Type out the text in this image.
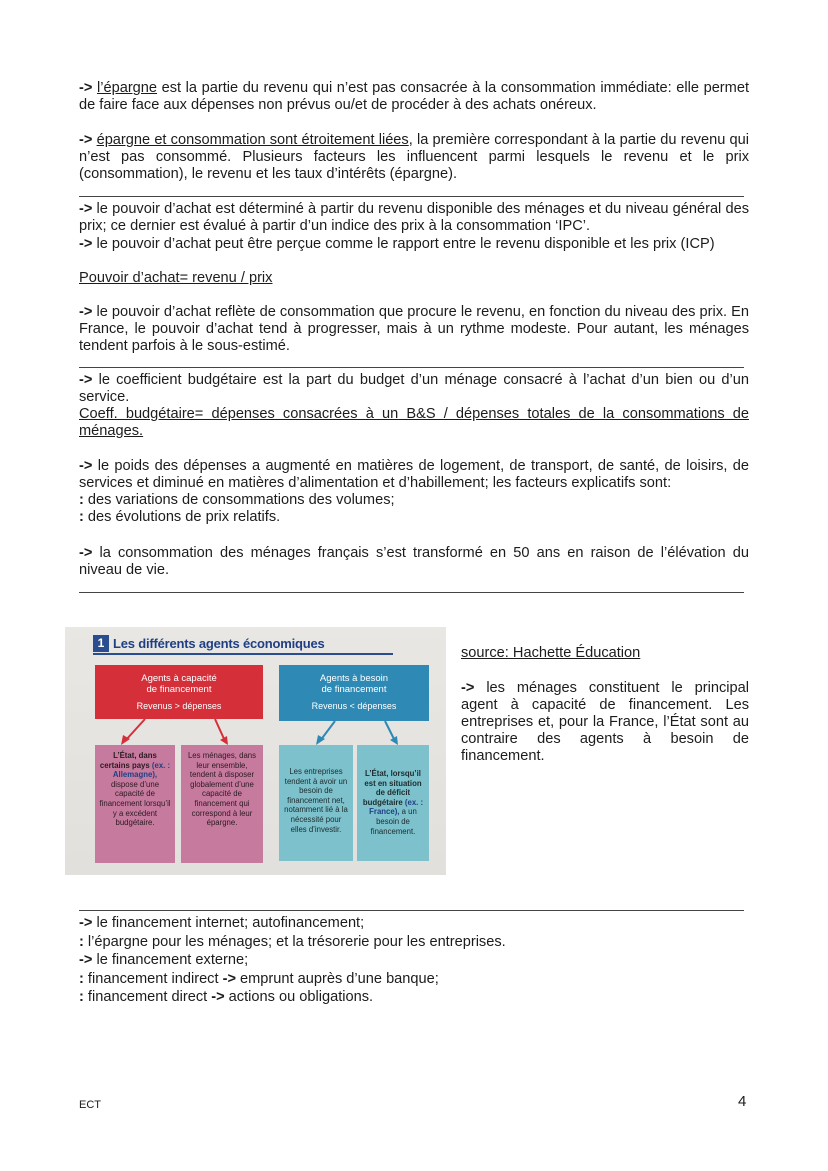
-> l’épargne est la partie du revenu qui n’est pas consacrée à la consommation immédiate: elle permet de faire face aux dépenses non prévus ou/et de procéder à des achats onéreux.

-> épargne et consommation sont étroitement liées, la première correspondant à la partie du revenu qui n’est pas consommé. Plusieurs facteurs les influencent parmi lesquels le revenu et le prix (consommation), le revenu et les taux d’intérêts (épargne).

-> le pouvoir d’achat est déterminé à partir du revenu disponible des ménages et du niveau général des prix; ce dernier est évalué à partir d’un indice des prix à la consommation ‘IPC’.

-> le pouvoir d’achat peut être perçue comme le rapport entre le revenu disponible et les prix (ICP)

Pouvoir d’achat= revenu / prix

-> le pouvoir d’achat reflète de consommation que procure le revenu, en fonction du niveau des prix. En France, le pouvoir d’achat tend à progresser, mais à un rythme modeste. Pour autant, les ménages tendent parfois à le sous-estimé.

-> le coefficient budgétaire est la part du budget d’un ménage consacré à l’achat d’un bien ou d’un service.

Coeff. budgétaire= dépenses consacrées à un B&S / dépenses totales de la consommations de ménages.

-> le poids des dépenses a augmenté en matières de logement, de transport, de santé, de loisirs, de services et diminué en matières d’alimentation et d’habillement; les facteurs explicatifs sont:
: des variations de consommations des volumes;
: des évolutions de prix relatifs.

-> la consommation des ménages français s’est transformé en 50 ans en raison de l’élévation du niveau de vie.

1 Les différents agents économiques
Agents à capacité de financement
Revenus > dépenses
Agents à besoin de financement
Revenus < dépenses
L’État, dans certains pays (ex. : Allemagne), dispose d’une capacité de financement lorsqu’il y a excédent budgétaire.
Les ménages, dans leur ensemble, tendent à disposer globalement d’une capacité de financement qui correspond à leur épargne.
Les entreprises tendent à avoir un besoin de financement net, notamment lié à la nécessité pour elles d’investir.
L’État, lorsqu’il est en situation de déficit budgétaire (ex. : France), a un besoin de financement.

source: Hachette Éducation

-> les ménages constituent le principal agent à capacité de financement. Les entreprises et, pour la France, l’État sont au contraire des agents à besoin de financement.

-> le financement internet; autofinancement;
: l’épargne pour les ménages; et la trésorerie pour les entreprises.
-> le financement externe;
: financement indirect -> emprunt auprès d’une banque;
: financement direct -> actions ou obligations.
ECT	4
